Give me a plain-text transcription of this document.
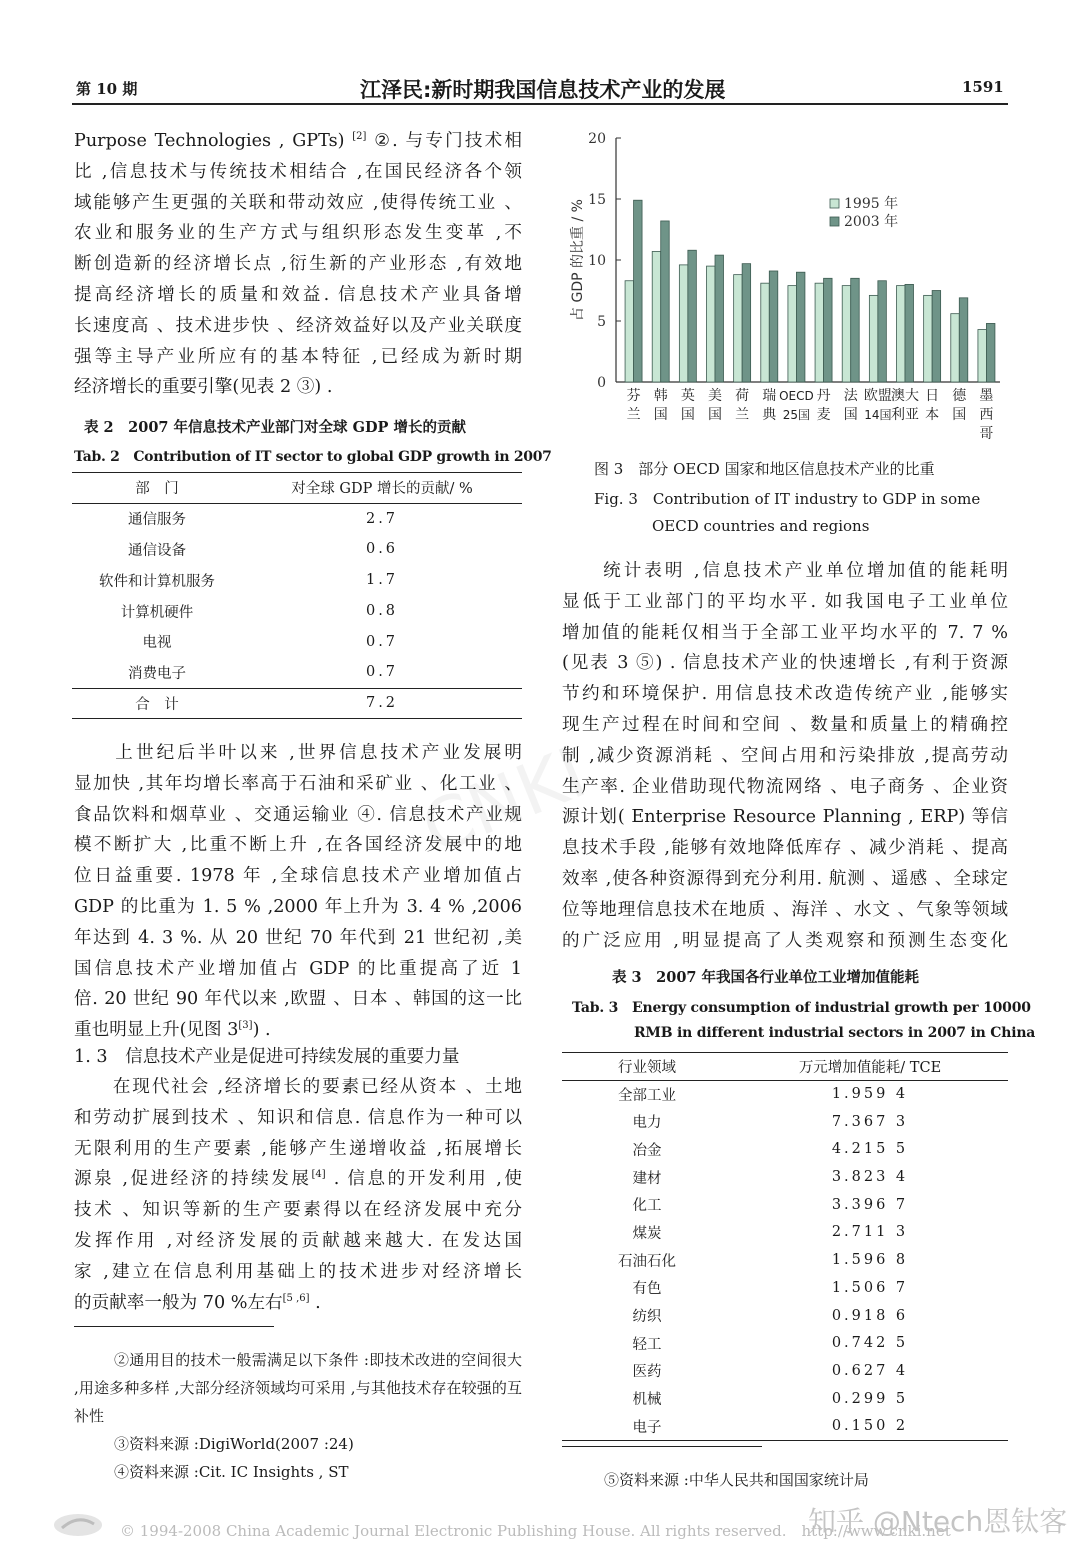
第 10 期	江泽民:新时期我国信息技术产业的发展	1591
CNKI
Purpose Technologies , GPTs) [2] ②. 与专门技术相
比 ,信息技术与传统技术相结合 ,在国民经济各个领
域能够产生更强的关联和带动效应 ,使得传统工业 、
农业和服务业的生产方式与组织形态发生变革 ,不
断创造新的经济增长点 ,衍生新的产业形态 ,有效地
提高经济增长的质量和效益. 信息技术产业具备增
长速度高 、技术进步快 、经济效益好以及产业关联度
强等主导产业所应有的基本特征 ,已经成为新时期
经济增长的重要引擎(见表 2 ③) .
表 2　2007 年信息技术产业部门对全球 GDP 增长的贡献
Tab. 2　Contribution of IT sector to global GDP growth in 2007
部　门	对全球 GDP 增长的贡献/ %
通信服务	2.7
通信设备	0.6
软件和计算机服务	1.7
计算机硬件	0.8
电视	0.7
消费电子	0.7
合　计	7.2
　　上世纪后半叶以来 ,世界信息技术产业发展明
显加快 ,其年均增长率高于石油和采矿业 、化工业 、
食品饮料和烟草业 、交通运输业 ④. 信息技术产业规
模不断扩大 ,比重不断上升 ,在各国经济发展中的地
位日益重要. 1978 年 ,全球信息技术产业增加值占
GDP 的比重为 1. 5 % ,2000 年上升为 3. 4 % ,2006
年达到 4. 3 %. 从 20 世纪 70 年代到 21 世纪初 ,美
国信息技术产业增加值占 GDP 的比重提高了近 1
倍. 20 世纪 90 年代以来 ,欧盟 、日本 、韩国的这一比
重也明显上升(见图 3[3]) .
1. 3　信息技术产业是促进可持续发展的重要力量
　　在现代社会 ,经济增长的要素已经从资本 、土地
和劳动扩展到技术 、知识和信息. 信息作为一种可以
无限利用的生产要素 ,能够产生递增收益 ,拓展增长
源泉 ,促进经济的持续发展[4] . 信息的开发利用 ,使
技术 、知识等新的生产要素得以在经济发展中充分
发挥作用 ,对经济发展的贡献越来越大. 在发达国
家 ,建立在信息利用基础上的技术进步对经济增长
的贡献率一般为 70 %左右[5 ,6] .
②通用目的技术一般需满足以下条件 :即技术改进的空间很大 ,用途多种多样 ,大部分经济领域均可采用 ,与其他技术存在较强的互补性
③资料来源 :DigiWorld(2007 :24)
④资料来源 :Cit. IC Insights , ST
0
5
10
15
20
占 GDP 的比重 / %
芬兰
韩国
英国
美国
荷兰
瑞典
OECD 25国
丹麦
法国
欧盟 14国
澳大利亚
日本
德国
墨西哥
1995 年
2003 年
图 3　部分 OECD 国家和地区信息技术产业的比重
Fig. 3　Contribution of IT industry to GDP in some
OECD countries and regions
　　统计表明 ,信息技术产业单位增加值的能耗明
显低于工业部门的平均水平. 如我国电子工业单位
增加值的能耗仅相当于全部工业平均水平的 7. 7 %
(见表 3 ⑤) . 信息技术产业的快速增长 ,有利于资源
节约和环境保护. 用信息技术改造传统产业 ,能够实
现生产过程在时间和空间 、数量和质量上的精确控
制 ,减少资源消耗 、空间占用和污染排放 ,提高劳动
生产率. 企业借助现代物流网络 、电子商务 、企业资
源计划( Enterprise Resource Planning , ERP) 等信
息技术手段 ,能够有效地降低库存 、减少消耗 、提高
效率 ,使各种资源得到充分利用. 航测 、遥感 、全球定
位等地理信息技术在地质 、海洋 、水文 、气象等领域
的广泛应用 ,明显提高了人类观察和预测生态变化
表 3　2007 年我国各行业单位工业增加值能耗
Tab. 3　Energy consumption of industrial growth per 10000
RMB in different industrial sectors in 2007 in China
行业领域	万元增加值能耗/ TCE
全部工业	1.959 4
电力	7.367 3
冶金	4.215 5
建材	3.823 4
化工	3.396 7
煤炭	2.711 3
石油石化	1.596 8
有色	1.506 7
纺织	0.918 6
轻工	0.742 5
医药	0.627 4
机械	0.299 5
电子	0.150 2
⑤资料来源 :中华人民共和国国家统计局
© 1994-2008 China Academic Journal Electronic Publishing House. All rights reserved.　http://www.cnki.net
知乎 @Ntech恩钛客
